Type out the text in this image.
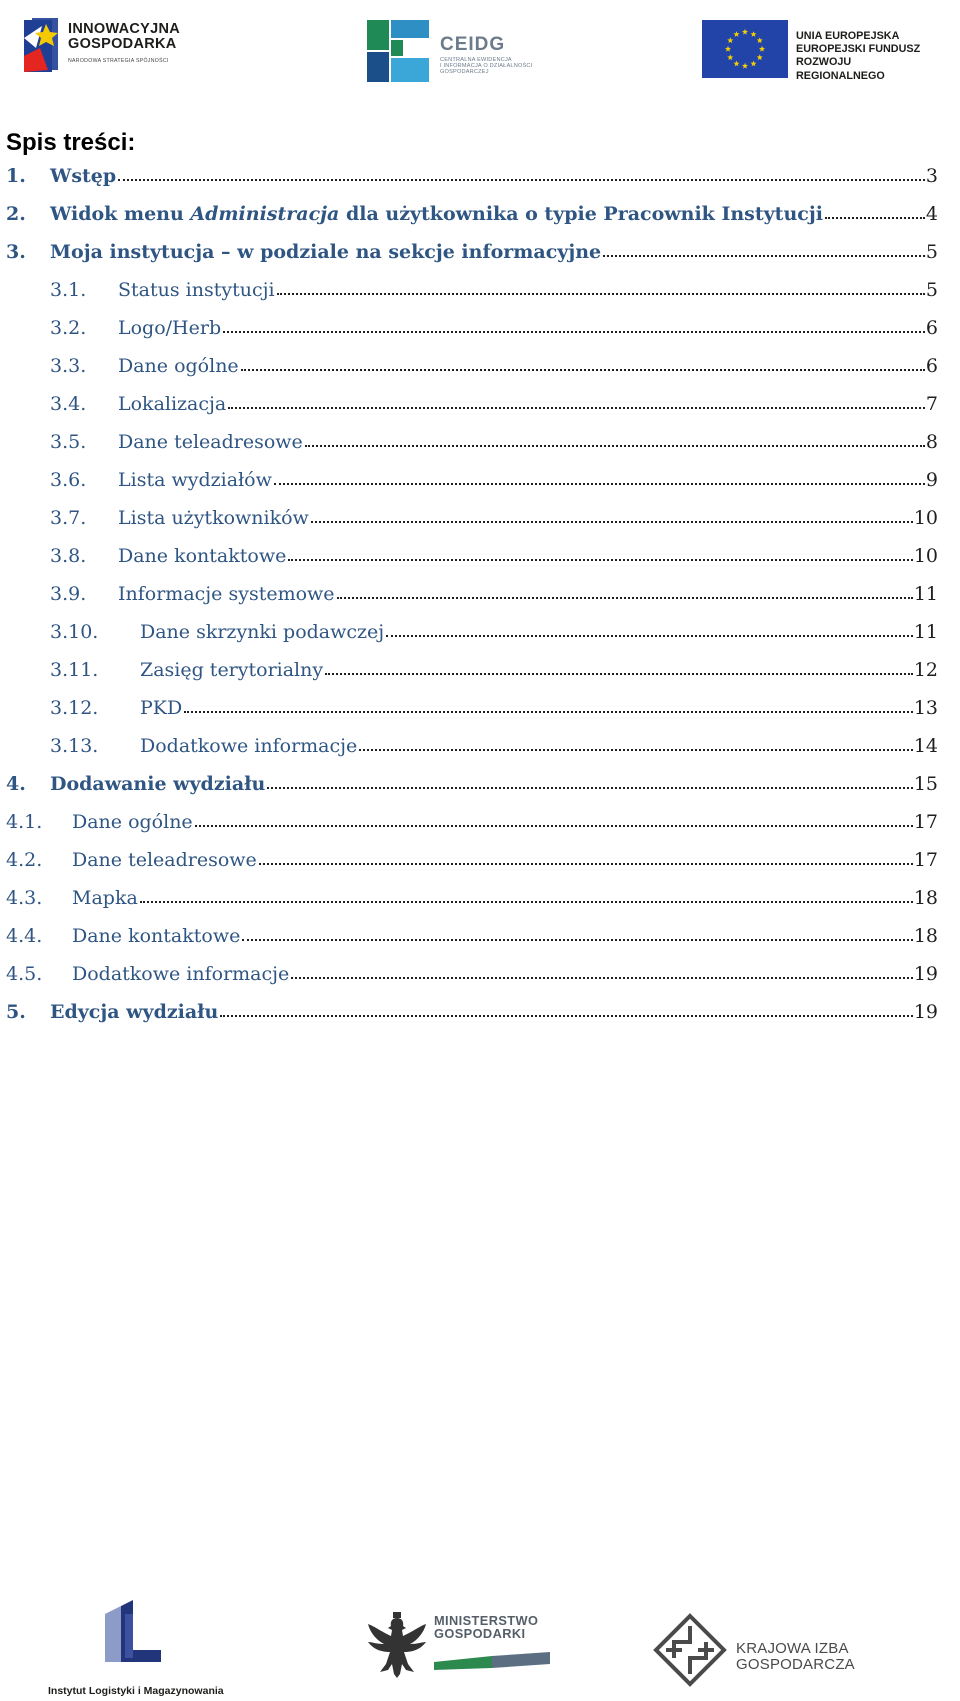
INNOWACYJNA
GOSPODARKA
NARODOWA STRATEGIA SPÓJNOŚCI
CEIDG
CENTRALNA EWIDENCJA
I INFORMACJA O DZIAŁALNOŚCI
GOSPODARCZEJ
UNIA EUROPEJSKA
EUROPEJSKI FUNDUSZ
ROZWOJU REGIONALNEGO
Spis treści:
1. Wstęp	3
2. Widok menu Administracja dla użytkownika o typie Pracownik Instytucji	4
3. Moja instytucja – w podziale na sekcje informacyjne	5
3.1. Status instytucji	5
3.2. Logo/Herb	6
3.3. Dane ogólne	6
3.4. Lokalizacja	7
3.5. Dane teleadresowe	8
3.6. Lista wydziałów	9
3.7. Lista użytkowników	10
3.8. Dane kontaktowe	10
3.9. Informacje systemowe	11
3.10. Dane skrzynki podawczej	11
3.11. Zasięg terytorialny	12
3.12. PKD	13
3.13. Dodatkowe informacje	14
4. Dodawanie wydziału	15
4.1. Dane ogólne	17
4.2. Dane teleadresowe	17
4.3. Mapka	18
4.4. Dane kontaktowe	18
4.5. Dodatkowe informacje	19
5. Edycja wydziału	19
Instytut Logistyki i Magazynowania
MINISTERSTWO
GOSPODARKI
KRAJOWA IZBA GOSPODARCZA
